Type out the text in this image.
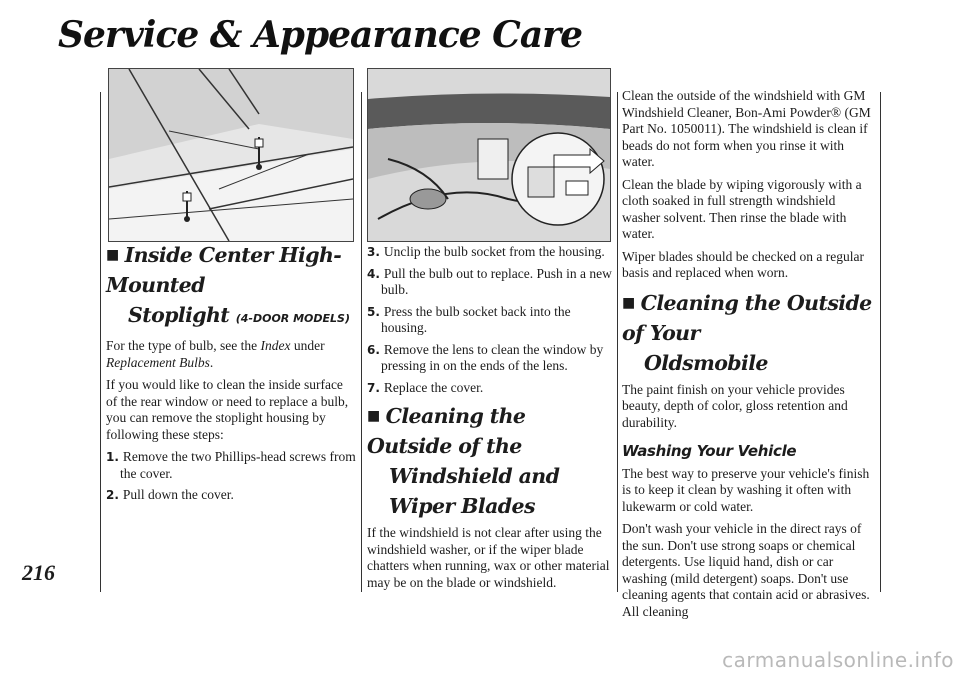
Service & Appearance Care
216
■ Inside Center High-Mounted
Stoplight (4-DOOR MODELS)

For the type of bulb, see the Index under Replacement Bulbs.

If you would like to clean the inside surface of the rear window or need to replace a bulb, you can remove the stoplight housing by following these steps:

1. Remove the two Phillips-head screws from the cover.
2. Pull down the cover.
3. Unclip the bulb socket from the housing.
4. Pull the bulb out to replace. Push in a new bulb.
5. Press the bulb socket back into the housing.
6. Remove the lens to clean the window by pressing in on the ends of the lens.
7. Replace the cover.
■ Cleaning the Outside of the
Windshield and Wiper Blades

If the windshield is not clear after using the windshield washer, or if the wiper blade chatters when running, wax or other material may be on the blade or windshield.

Clean the outside of the windshield with GM Windshield Cleaner, Bon-Ami Powder® (GM Part No. 1050011). The windshield is clean if beads do not form when you rinse it with water.

Clean the blade by wiping vigorously with a cloth soaked in full strength windshield washer solvent. Then rinse the blade with water.

Wiper blades should be checked on a regular basis and replaced when worn.

■ Cleaning the Outside of Your
Oldsmobile

The paint finish on your vehicle provides beauty, depth of color, gloss retention and durability.

Washing Your Vehicle

The best way to preserve your vehicle's finish is to keep it clean by washing it often with lukewarm or cold water.

Don't wash your vehicle in the direct rays of the sun. Don't use strong soaps or chemical detergents. Use liquid hand, dish or car washing (mild detergent) soaps. Don't use cleaning agents that contain acid or abrasives. All cleaning

carmanualsonline.info
